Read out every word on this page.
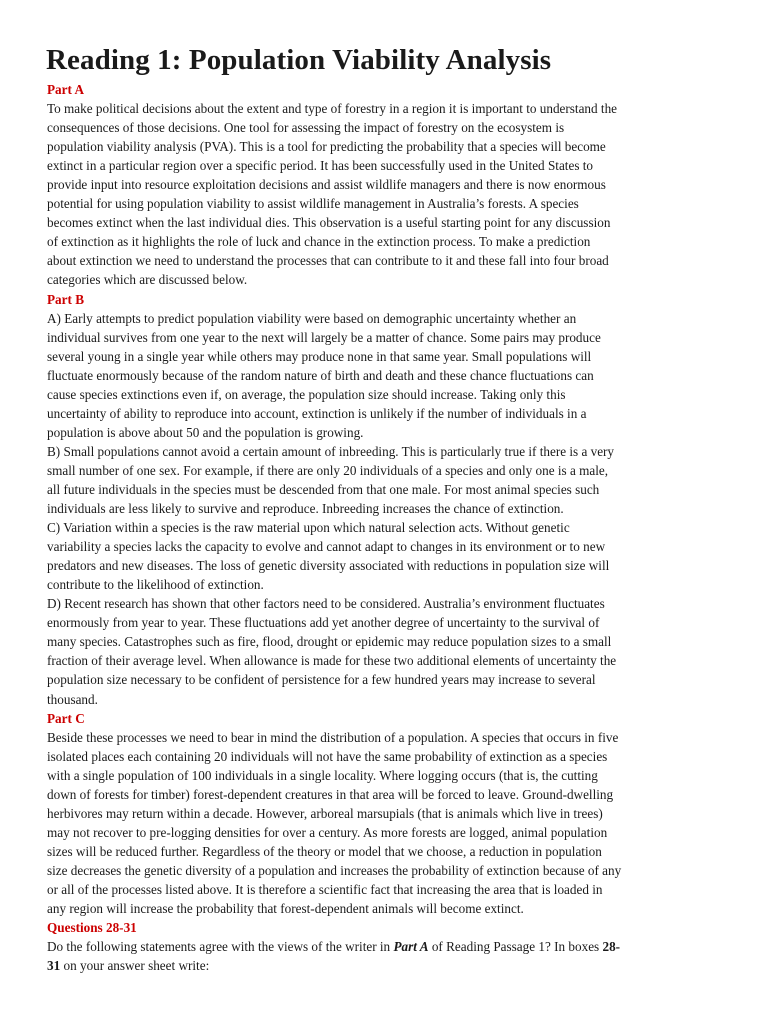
Reading 1: Population Viability Analysis
Part A
To make political decisions about the extent and type of forestry in a region it is important to understand the
consequences of those decisions. One tool for assessing the impact of forestry on the ecosystem is
population viability analysis (PVA). This is a tool for predicting the probability that a species will become
extinct in a particular region over a specific period. It has been successfully used in the United States to
provide input into resource exploitation decisions and assist wildlife managers and there is now enormous
potential for using population viability to assist wildlife management in Australia’s forests. A species
becomes extinct when the last individual dies. This observation is a useful starting point for any discussion
of extinction as it highlights the role of luck and chance in the extinction process. To make a prediction
about extinction we need to understand the processes that can contribute to it and these fall into four broad
categories which are discussed below.
Part B
A) Early attempts to predict population viability were based on demographic uncertainty whether an
individual survives from one year to the next will largely be a matter of chance. Some pairs may produce
several young in a single year while others may produce none in that same year. Small populations will
fluctuate enormously because of the random nature of birth and death and these chance fluctuations can
cause species extinctions even if, on average, the population size should increase. Taking only this
uncertainty of ability to reproduce into account, extinction is unlikely if the number of individuals in a
population is above about 50 and the population is growing.
B) Small populations cannot avoid a certain amount of inbreeding. This is particularly true if there is a very
small number of one sex. For example, if there are only 20 individuals of a species and only one is a male,
all future individuals in the species must be descended from that one male. For most animal species such
individuals are less likely to survive and reproduce. Inbreeding increases the chance of extinction.
C) Variation within a species is the raw material upon which natural selection acts. Without genetic
variability a species lacks the capacity to evolve and cannot adapt to changes in its environment or to new
predators and new diseases. The loss of genetic diversity associated with reductions in population size will
contribute to the likelihood of extinction.
D) Recent research has shown that other factors need to be considered. Australia’s environment fluctuates
enormously from year to year. These fluctuations add yet another degree of uncertainty to the survival of
many species. Catastrophes such as fire, flood, drought or epidemic may reduce population sizes to a small
fraction of their average level. When allowance is made for these two additional elements of uncertainty the
population size necessary to be confident of persistence for a few hundred years may increase to several
thousand.
Part C
Beside these processes we need to bear in mind the distribution of a population. A species that occurs in five
isolated places each containing 20 individuals will not have the same probability of extinction as a species
with a single population of 100 individuals in a single locality. Where logging occurs (that is, the cutting
down of forests for timber) forest-dependent creatures in that area will be forced to leave. Ground-dwelling
herbivores may return within a decade. However, arboreal marsupials (that is animals which live in trees)
may not recover to pre-logging densities for over a century. As more forests are logged, animal population
sizes will be reduced further. Regardless of the theory or model that we choose, a reduction in population
size decreases the genetic diversity of a population and increases the probability of extinction because of any
or all of the processes listed above. It is therefore a scientific fact that increasing the area that is loaded in
any region will increase the probability that forest-dependent animals will become extinct.
Questions 28-31
Do the following statements agree with the views of the writer in Part A of Reading Passage 1? In boxes 28-
31 on your answer sheet write:
